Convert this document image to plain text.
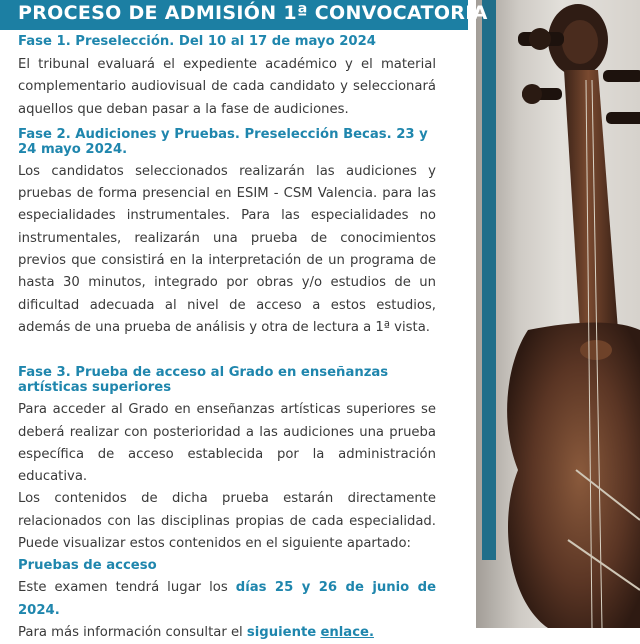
PROCESO DE ADMISIÓN 1ª CONVOCATORIA

Fase 1. Preselección. Del 10 al 17 de mayo 2024

El tribunal evaluará el expediente académico y el material complementario audiovisual de cada candidato y seleccionará aquellos que deban pasar a la fase de audiciones.

Fase 2. Audiciones y Pruebas. Preselección Becas. 23 y 24 mayo 2024.

Los candidatos seleccionados realizarán las audiciones y pruebas de forma presencial en ESIM - CSM Valencia. para las especialidades instrumentales. Para las especialidades no instrumentales, realizarán una prueba de conocimientos previos que consistirá en la interpretación de un programa de hasta 30 minutos, integrado por obras y/o estudios de un dificultad adecuada al nivel de acceso a estos estudios, además de una prueba de análisis y otra de lectura a 1ª vista.

Fase 3. Prueba de acceso al Grado en enseñanzas artísticas superiores

Para acceder al Grado en enseñanzas artísticas superiores se deberá realizar con posterioridad a las audiciones una prueba específica de acceso establecida por la administración educativa.

Los contenidos de dicha prueba estarán directamente relacionados con las disciplinas propias de cada especialidad. Puede visualizar estos contenidos en el siguiente apartado:

Pruebas de acceso

Este examen tendrá lugar los días 25 y 26 de junio de 2024.

Para más información consultar el siguiente enlace.
